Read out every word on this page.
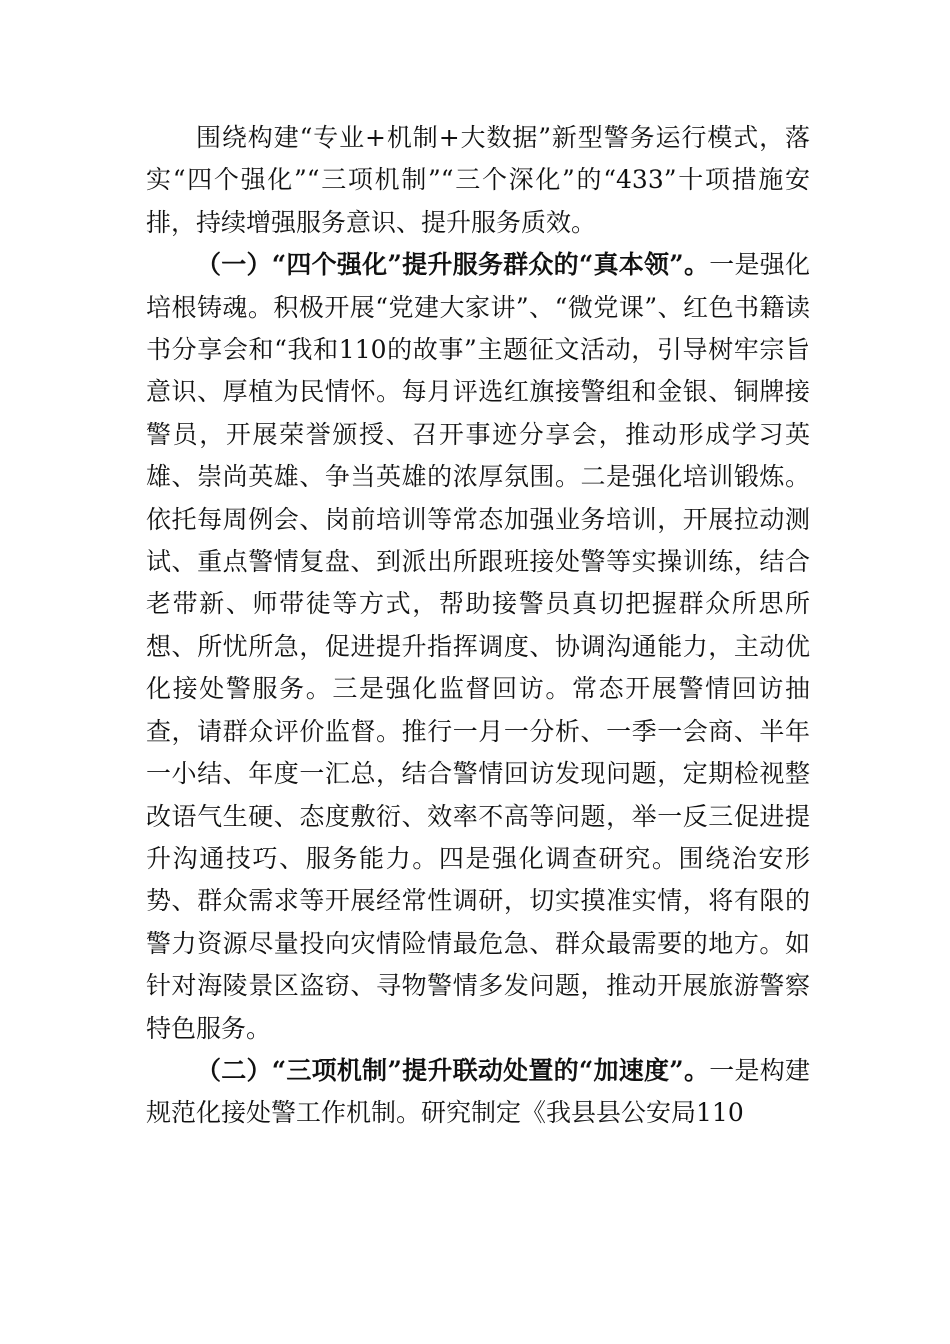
围绕构建“专业+机制+大数据”新型警务运行模式，落实“四个强化”“三项机制”“三个深化”的“433”十项措施安排，持续增强服务意识、提升服务质效。

（一）“四个强化”提升服务群众的“真本领”。一是强化培根铸魂。积极开展“党建大家讲”、“微党课”、红色书籍读书分享会和“我和110的故事”主题征文活动，引导树牢宗旨意识、厚植为民情怀。每月评选红旗接警组和金银、铜牌接警员，开展荣誉颁授、召开事迹分享会，推动形成学习英雄、崇尚英雄、争当英雄的浓厚氛围。二是强化培训锻炼。依托每周例会、岗前培训等常态加强业务培训，开展拉动测试、重点警情复盘、到派出所跟班接处警等实操训练，结合老带新、师带徒等方式，帮助接警员真切把握群众所思所想、所忧所急，促进提升指挥调度、协调沟通能力，主动优化接处警服务。三是强化监督回访。常态开展警情回访抽查，请群众评价监督。推行一月一分析、一季一会商、半年一小结、年度一汇总，结合警情回访发现问题，定期检视整改语气生硬、态度敷衍、效率不高等问题，举一反三促进提升沟通技巧、服务能力。四是强化调查研究。围绕治安形势、群众需求等开展经常性调研，切实摸准实情，将有限的警力资源尽量投向灾情险情最危急、群众最需要的地方。如针对海陵景区盗窃、寻物警情多发问题，推动开展旅游警察特色服务。

（二）“三项机制”提升联动处置的“加速度”。一是构建规范化接处警工作机制。研究制定《我县县公安局110
